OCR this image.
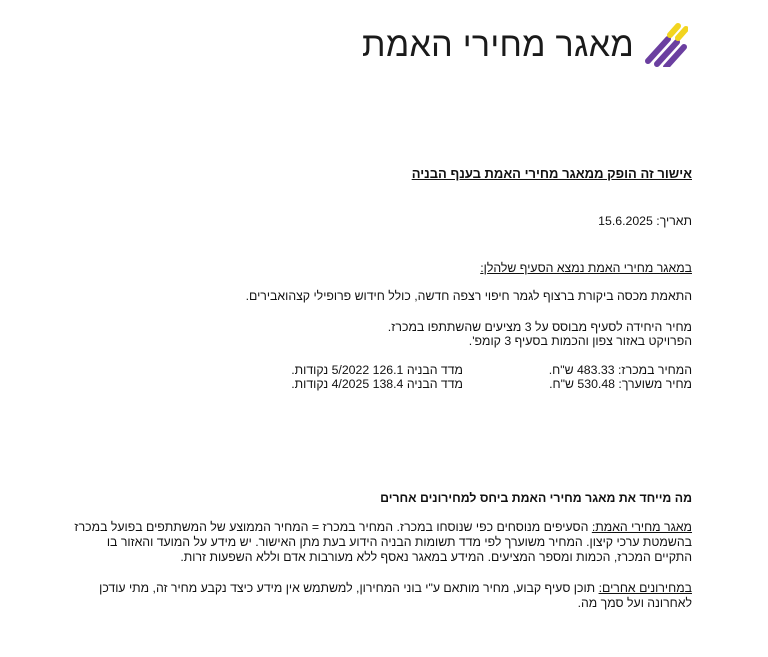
מאגר מחירי האמת
אישור זה הופק ממאגר מחירי האמת בענף הבניה
תאריך: 15.6.2025
במאגר מחירי האמת נמצא הסעיף שלהלן:
התאמת מכסה ביקורת ברצוף לגמר חיפוי רצפה חדשה, כולל חידוש פרופילי קצהואבירים.
מחיר היחידה לסעיף מבוסס על 3 מציעים שהשתתפו במכרז.
הפרויקט באזור צפון והכמות בסעיף 3 קומפ'.
המחיר במכרז: 483.33 ש"ח.
מדד הבניה 126.1 5/2022 נקודות.
מחיר משוערך: 530.48 ש"ח.
מדד הבניה 138.4 4/2025 נקודות.
מה מייחד את מאגר מחירי האמת ביחס למחירונים אחרים
מאגר מחירי האמת: הסעיפים מנוסחים כפי שנוסחו במכרז. המחיר במכרז = המחיר הממוצע של המשתתפים בפועל במכרז בהשמטת ערכי קיצון. המחיר משוערך לפי מדד תשומות הבניה הידוע בעת מתן האישור. יש מידע על המועד והאזור בו התקיים המכרז, הכמות ומספר המציעים. המידע במאגר נאסף ללא מעורבות אדם וללא השפעות זרות.
במחירונים אחרים: תוכן סעיף קבוע, מחיר מותאם ע"י בוני המחירון, למשתמש אין מידע כיצד נקבע מחיר זה, מתי עודכן לאחרונה ועל סמך מה.
